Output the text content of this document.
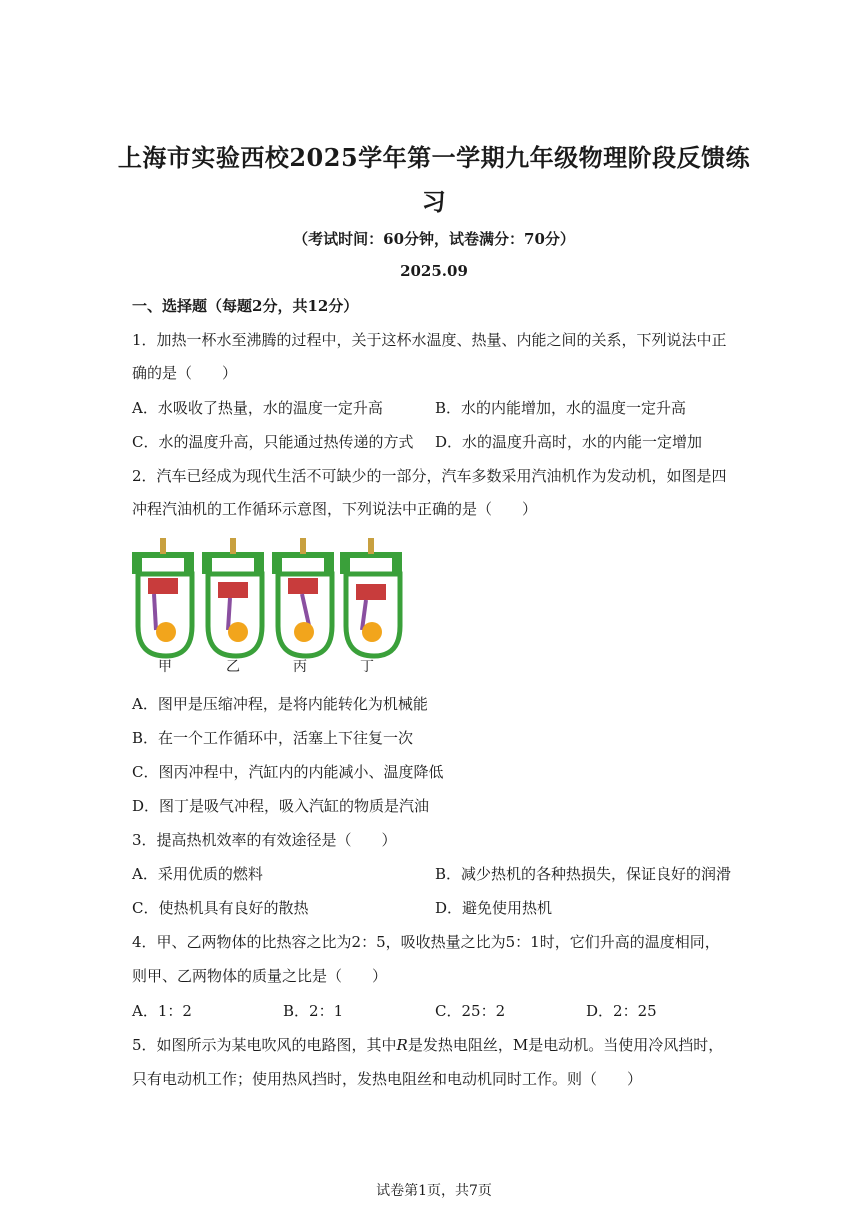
上海市实验西校2025学年第一学期九年级物理阶段反馈练
习
（考试时间：60分钟，试卷满分：70分）
2025.09
一、选择题（每题2分，共12分）
1．加热一杯水至沸腾的过程中，关于这杯水温度、热量、内能之间的关系，下列说法中正
确的是（　　）
A．水吸收了热量，水的温度一定升高	B．水的内能增加，水的温度一定升高
C．水的温度升高，只能通过热传递的方式 D．水的温度升高时，水的内能一定增加
2．汽车已经成为现代生活不可缺少的一部分，汽车多数采用汽油机作为发动机，如图是四
冲程汽油机的工作循环示意图，下列说法中正确的是（　　）
甲	乙	丙	丁
A．图甲是压缩冲程，是将内能转化为机械能
B．在一个工作循环中，活塞上下往复一次
C．图丙冲程中，汽缸内的内能减小、温度降低
D．图丁是吸气冲程，吸入汽缸的物质是汽油
3．提高热机效率的有效途径是（　　）
A．采用优质的燃料	B．减少热机的各种热损失，保证良好的润滑
C．使热机具有良好的散热	D．避免使用热机
4．甲、乙两物体的比热容之比为2：5，吸收热量之比为5：1时，它们升高的温度相同，
则甲、乙两物体的质量之比是（　　）
A．1：2	B．2：1	C．25：2	D．2：25
5．如图所示为某电吹风的电路图，其中R是发热电阻丝，M是电动机。当使用冷风挡时，
只有电动机工作；使用热风挡时，发热电阻丝和电动机同时工作。则（　　）
试卷第1页，共7页
